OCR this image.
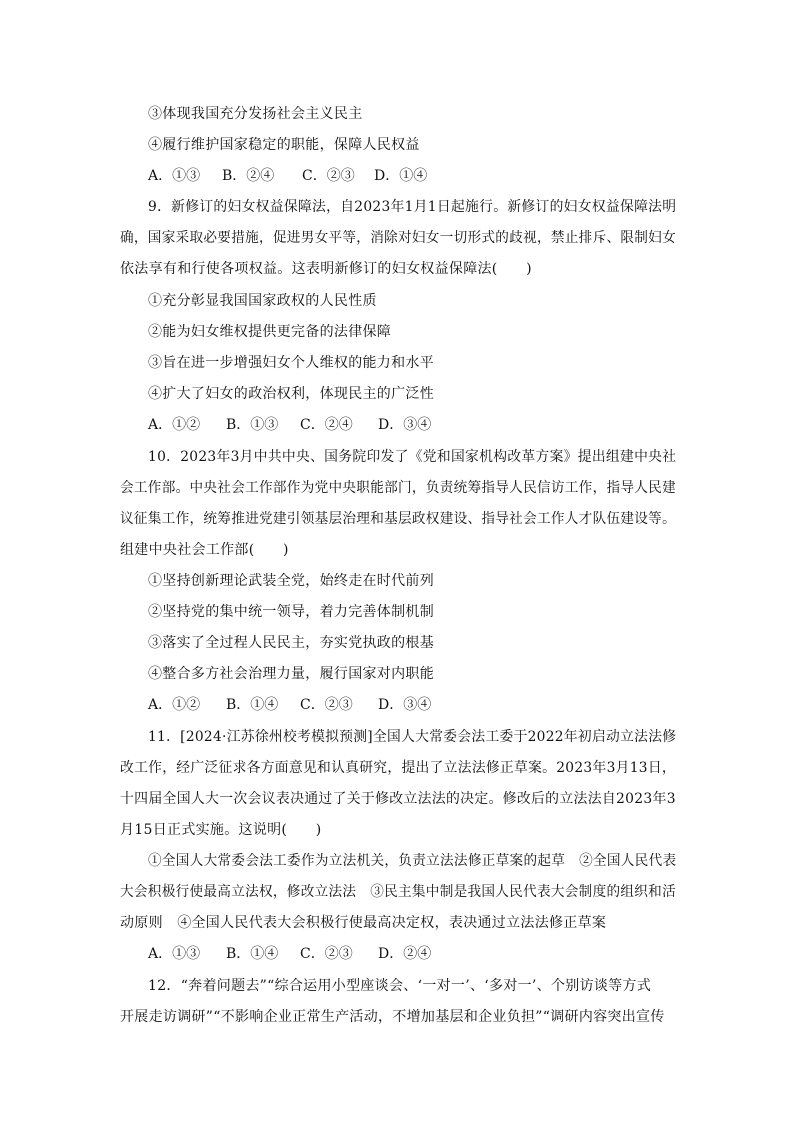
③体现我国充分发扬社会主义民主
④履行维护国家稳定的职能，保障人民权益
A．①③ B．②④ C．②③ D．①④
9．新修订的妇女权益保障法，自2023年1月1日起施行。新修订的妇女权益保障法明
确，国家采取必要措施，促进男女平等，消除对妇女一切形式的歧视，禁止排斥、限制妇女
依法享有和行使各项权益。这表明新修订的妇女权益保障法(　　)
①充分彰显我国国家政权的人民性质
②能为妇女维权提供更完备的法律保障
③旨在进一步增强妇女个人维权的能力和水平
④扩大了妇女的政治权利，体现民主的广泛性
A．①② B．①③ C．②④ D．③④
10．2023年3月中共中央、国务院印发了《党和国家机构改革方案》提出组建中央社
会工作部。中央社会工作部作为党中央职能部门，负责统筹指导人民信访工作，指导人民建
议征集工作，统筹推进党建引领基层治理和基层政权建设、指导社会工作人才队伍建设等。
组建中央社会工作部(　　)
①坚持创新理论武装全党，始终走在时代前列
②坚持党的集中统一领导，着力完善体制机制
③落实了全过程人民民主，夯实党执政的根基
④整合多方社会治理力量，履行国家对内职能
A．①② B．①④ C．②③ D．③④
11．[2024·江苏徐州校考模拟预测]全国人大常委会法工委于2022年初启动立法法修
改工作，经广泛征求各方面意见和认真研究，提出了立法法修正草案。2023年3月13日，
十四届全国人大一次会议表决通过了关于修改立法法的决定。修改后的立法法自2023年3
月15日正式实施。这说明(　　)
①全国人大常委会法工委作为立法机关，负责立法法修正草案的起草　②全国人民代表
大会积极行使最高立法权，修改立法法　③民主集中制是我国人民代表大会制度的组织和活
动原则　④全国人民代表大会积极行使最高决定权，表决通过立法法修正草案
A．①③ B．①④ C．②③ D．②④
12．“奔着问题去”“综合运用小型座谈会、‘一对一’、‘多对一’、个别访谈等方式
开展走访调研”“不影响企业正常生产活动，不增加基层和企业负担”“调研内容突出宣传
